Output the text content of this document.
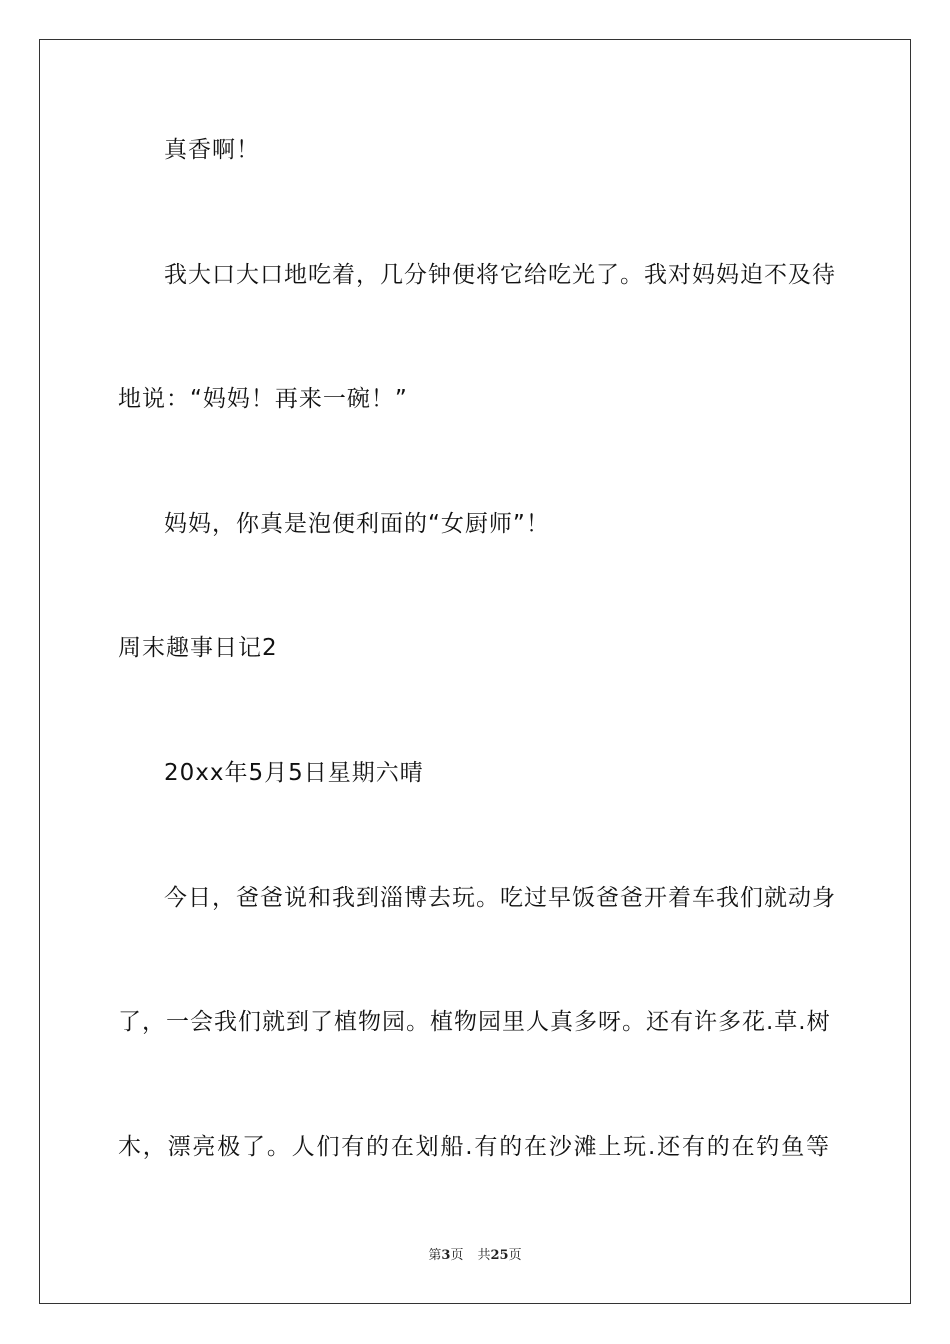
真香啊！
我大口大口地吃着，几分钟便将它给吃光了。我对妈妈迫不及待
地说：“妈妈！再来一碗！”
妈妈，你真是泡便利面的“女厨师”！
周末趣事日记2
20xx年5月5日星期六晴
今日，爸爸说和我到淄博去玩。吃过早饭爸爸开着车我们就动身
了，一会我们就到了植物园。植物园里人真多呀。还有许多花.草.树
木，漂亮极了。人们有的在划船.有的在沙滩上玩.还有的在钓鱼等
第3页 共25页
